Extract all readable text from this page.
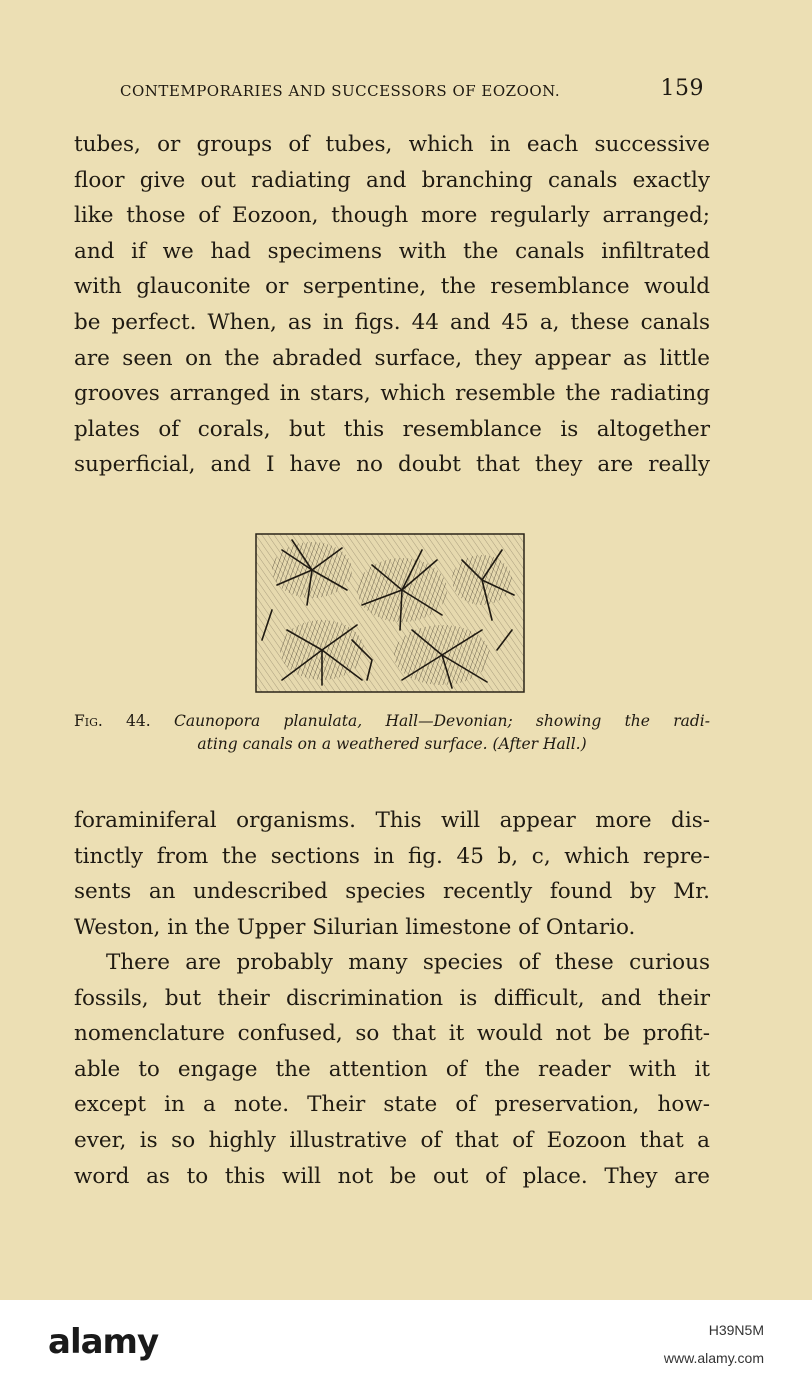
CONTEMPORARIES AND SUCCESSORS OF EOZOON.	159

tubes, or groups of tubes, which in each successive
floor give out radiating and branching canals exactly
like those of Eozoon, though more regularly arranged;
and if we had specimens with the canals infiltrated
with glauconite or serpentine, the resemblance would
be perfect. When, as in figs. 44 and 45 a, these canals
are seen on the abraded surface, they appear as little
grooves arranged in stars, which resemble the radiating
plates of corals, but this resemblance is altogether
superficial, and I have no doubt that they are really

Fig. 44. Caunopora planulata, Hall—Devonian; showing the radi-
ating canals on a weathered surface. (After Hall.)

foraminiferal organisms. This will appear more dis-
tinctly from the sections in fig. 45 b, c, which repre-
sents an undescribed species recently found by Mr.
Weston, in the Upper Silurian limestone of Ontario.

There are probably many species of these curious
fossils, but their discrimination is difficult, and their
nomenclature confused, so that it would not be profit-
able to engage the attention of the reader with it
except in a note. Their state of preservation, how-
ever, is so highly illustrative of that of Eozoon that a
word as to this will not be out of place. They are

alamy	H39N5M
www.alamy.com
